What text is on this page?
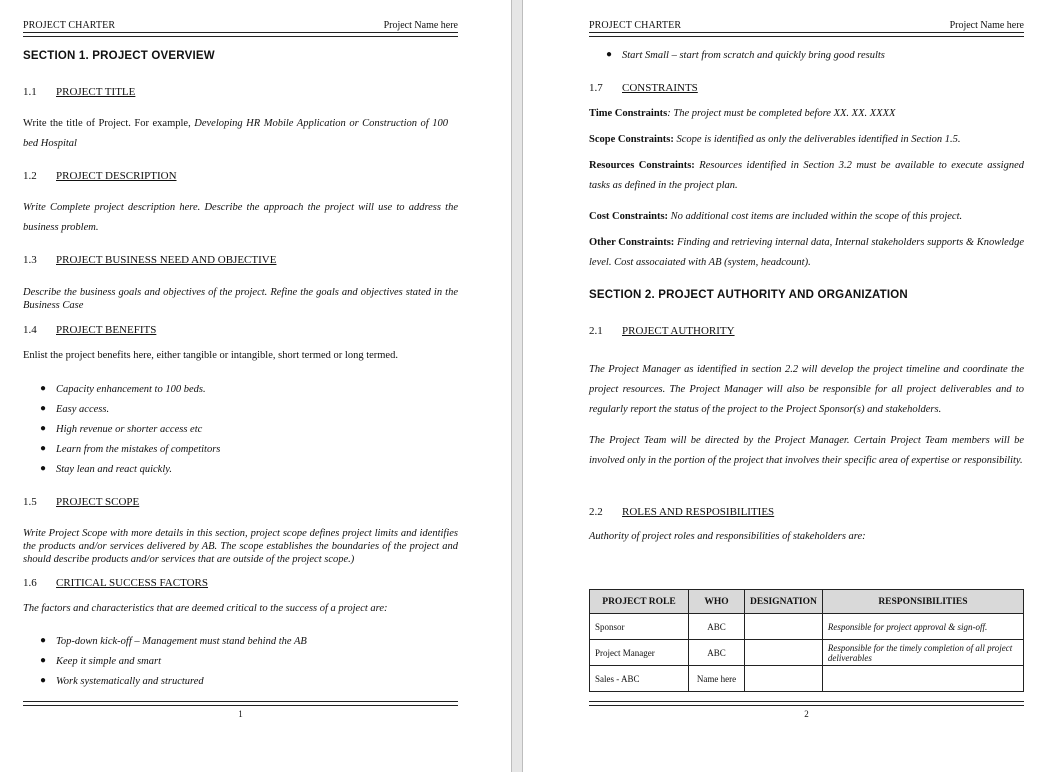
PROJECT CHARTER	Project Name here
SECTION 1. PROJECT OVERVIEW
1.1 PROJECT TITLE
Write the title of Project. For example, Developing HR Mobile Application or Construction of 100 bed Hospital
1.2 PROJECT DESCRIPTION
Write Complete project description here. Describe the approach the project will use to address the business problem.
1.3 PROJECT BUSINESS NEED AND OBJECTIVE
Describe the business goals and objectives of the project. Refine the goals and objectives stated in the Business Case
1.4 PROJECT BENEFITS
Enlist the project benefits here, either tangible or intangible, short termed or long termed.
● Capacity enhancement to 100 beds.
● Easy access.
● High revenue or shorter access etc
● Learn from the mistakes of competitors
● Stay lean and react quickly.
1.5 PROJECT SCOPE
Write Project Scope with more details in this section, project scope defines project limits and identifies the products and/or services delivered by AB. The scope establishes the boundaries of the project and should describe products and/or services that are outside of the project scope.)
1.6 CRITICAL SUCCESS FACTORS
The factors and characteristics that are deemed critical to the success of a project are:
● Top-down kick-off – Management must stand behind the AB
● Keep it simple and smart
● Work systematically and structured
1
PROJECT CHARTER	Project Name here
● Start Small – start from scratch and quickly bring good results
1.7 CONSTRAINTS
Time Constraints: The project must be completed before XX. XX. XXXX
Scope Constraints: Scope is identified as only the deliverables identified in Section 1.5.
Resources Constraints: Resources identified in Section 3.2 must be available to execute assigned tasks as defined in the project plan.
Cost Constraints: No additional cost items are included within the scope of this project.
Other Constraints: Finding and retrieving internal data, Internal stakeholders supports & Knowledge level. Cost assocaiated with AB (system, headcount).
SECTION 2. PROJECT AUTHORITY AND ORGANIZATION
2.1 PROJECT AUTHORITY
The Project Manager as identified in section 2.2 will develop the project timeline and coordinate the project resources. The Project Manager will also be responsible for all project deliverables and to regularly report the status of the project to the Project Sponsor(s) and stakeholders.
The Project Team will be directed by the Project Manager. Certain Project Team members will be involved only in the portion of the project that involves their specific area of expertise or responsibility.
2.2 ROLES AND RESPOSIBILITIES
Authority of project roles and responsibilities of stakeholders are:
PROJECT ROLE	WHO	DESIGNATION	RESPONSIBILITIES
Sponsor	ABC		Responsible for project approval & sign-off.
Project Manager	ABC		Responsible for the timely completion of all project deliverables
Sales - ABC	Name here		
2
